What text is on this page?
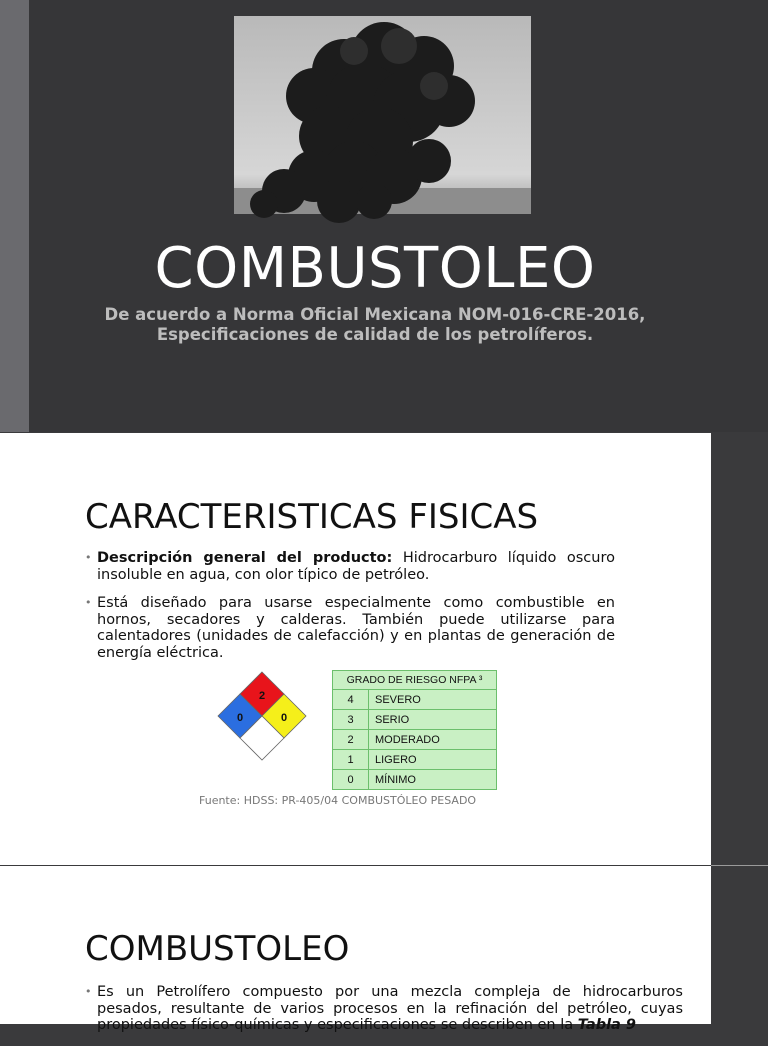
COMBUSTOLEO
De acuerdo a Norma Oficial Mexicana NOM-016-CRE-2016,
Especificaciones de calidad de los petrolíferos.
CARACTERISTICAS FISICAS
• Descripción general del producto: Hidrocarburo líquido oscuro insoluble en agua, con olor típico de petróleo.
• Está diseñado para usarse especialmente como combustible en hornos, secadores y calderas. También puede utilizarse para calentadores (unidades de calefacción) y en plantas de generación de energía eléctrica.
2
0	0
GRADO DE RIESGO NFPA ³	
4	SEVERO
3	SERIO
2	MODERADO
1	LIGERO
0	MÍNIMO
Fuente: HDSS: PR-405/04 COMBUSTÓLEO PESADO
COMBUSTOLEO
• Es un Petrolífero compuesto por una mezcla compleja de hidrocarburos pesados, resultante de varios procesos en la refinación del petróleo, cuyas propiedades físico-químicas y especificaciones se describen en la Tabla 9
